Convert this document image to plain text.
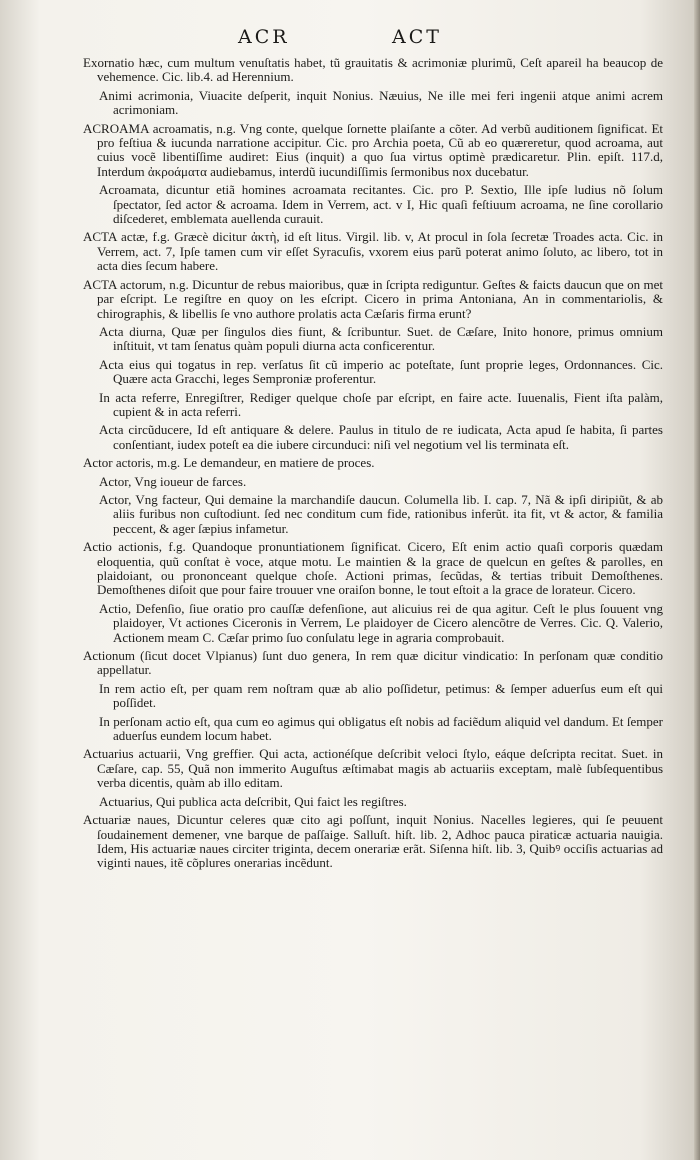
ACR	ACT

Exornatio hæc, cum multum venuſtatis habet, tũ grauitatis & acrimoniæ plurimũ, Ceſt apareil ha beaucop de vehemence. Cic. lib.4. ad Herennium.

Animi acrimonia, Viuacite deſperit, inquit Nonius. Næuius, Ne ille mei feri ingenii atque animi acrem acrimoniam.

ACROAMA acroamatis, n.g. Vng conte, quelque ſornette plaiſante a cõter. Ad verbũ auditionem ſignificat. Et pro feſtiua & iucunda narratione accipitur. Cic. pro Archia poeta, Cũ ab eo quæreretur, quod acroama, aut cuius vocẽ libentiſſime audiret: Eius (inquit) a quo ſua virtus optimè prædicaretur. Plin. epiſt. 117.d, Interdum ἀκροάματα audiebamus, interdũ iucundiſſimis ſermonibus nox ducebatur.

Acroamata, dicuntur etiã homines acroamata recitantes. Cic. pro P. Sextio, Ille ipſe ludius nõ ſolum ſpectator, ſed actor & acroama. Idem in Verrem, act. v I, Hic quaſi feſtiuum acroama, ne ſine corollario diſcederet, emblemata auellenda curauit.

ACTA actæ, f.g. Græcè dicitur ἀκτὴ, id eſt litus. Virgil. lib. v, At procul in ſola ſecretæ Troades acta. Cic. in Verrem, act. 7, Ipſe tamen cum vir eſſet Syracuſis, vxorem eius parũ poterat animo ſoluto, ac libero, tot in acta dies ſecum habere.

ACTA actorum, n.g. Dicuntur de rebus maioribus, quæ in ſcripta rediguntur. Geſtes & faicts daucun que on met par eſcript. Le regiſtre en quoy on les eſcript. Cicero in prima Antoniana, An in commentariolis, & chirographis, & libellis ſe vno authore prolatis acta Cæſaris firma erunt?

Acta diurna, Quæ per ſingulos dies fiunt, & ſcribuntur. Suet. de Cæſare, Inito honore, primus omnium inſtituit, vt tam ſenatus quàm populi diurna acta conficerentur.

Acta eius qui togatus in rep. verſatus ſit cũ imperio ac poteſtate, ſunt proprie leges, Ordonnances. Cic. Quære acta Gracchi, leges Semproniæ proferentur.

In acta referre, Enregiſtrer, Rediger quelque choſe par eſcript, en faire acte. Iuuenalis, Fient iſta palàm, cupient & in acta referri.

Acta circũducere, Id eſt antiquare & delere. Paulus in titulo de re iudicata, Acta apud ſe habita, ſi partes conſentiant, iudex poteſt ea die iubere circunduci: niſi vel negotium vel lis terminata eſt.

Actor actoris, m.g. Le demandeur, en matiere de proces.

Actor, Vng ioueur de farces.

Actor, Vng facteur, Qui demaine la marchandiſe daucun. Columella lib. I. cap. 7, Nã & ipſi diripiũt, & ab aliis furibus non cuſtodiunt. ſed nec conditum cum fide, rationibus inferũt. ita fit, vt & actor, & familia peccent, & ager ſæpius infametur.

Actio actionis, f.g. Quandoque pronuntiationem ſignificat. Cicero, Eſt enim actio quaſi corporis quædam eloquentia, quũ conſtat è voce, atque motu. Le maintien & la grace de quelcun en geſtes & parolles, en plaidoiant, ou prononceant quelque choſe. Actioni primas, ſecũdas, & tertias tribuit Demoſthenes. Demoſthenes diſoit que pour faire trouuer vne oraiſon bonne, le tout eſtoit a la grace de lorateur. Cicero.

Actio, Defenſio, ſiue oratio pro cauſſæ defenſione, aut alicuius rei de qua agitur. Ceſt le plus ſouuent vng plaidoyer, Vt actiones Ciceronis in Verrem, Le plaidoyer de Cicero alencõtre de Verres. Cic. Q. Valerio, Actionem meam C. Cæſar primo ſuo conſulatu lege in agraria comprobauit.

Actionum (ſicut docet Vlpianus) ſunt duo genera, In rem quæ dicitur vindicatio: In perſonam quæ conditio appellatur.

In rem actio eſt, per quam rem noſtram quæ ab alio poſſidetur, petimus: & ſemper aduerſus eum eſt qui poſſidet.

In perſonam actio eſt, qua cum eo agimus qui obligatus eſt nobis ad faciẽdum aliquid vel dandum. Et ſemper aduerſus eundem locum habet.

Actuarius actuarii, Vng greffier. Qui acta, actionéſque deſcribit veloci ſtylo, eáque deſcripta recitat. Suet. in Cæſare, cap. 55, Quã non immerito Auguſtus æſtimabat magis ab actuariis exceptam, malè ſubſequentibus verba dicentis, quàm ab illo editam.

Actuarius, Qui publica acta deſcribit, Qui faict les regiſtres.

Actuariæ naues, Dicuntur celeres quæ cito agi poſſunt, inquit Nonius. Nacelles legieres, qui ſe peuuent ſoudainement demener, vne barque de paſſaige. Salluſt. hiſt. lib. 2, Adhoc pauca piraticæ actuaria nauigia. Idem, His actuariæ naues circiter triginta, decem onerariæ erãt. Siſenna hiſt. lib. 3, Quibꝰ occiſis actuarias ad viginti naues, itẽ cõplures onerarias incẽdunt.
